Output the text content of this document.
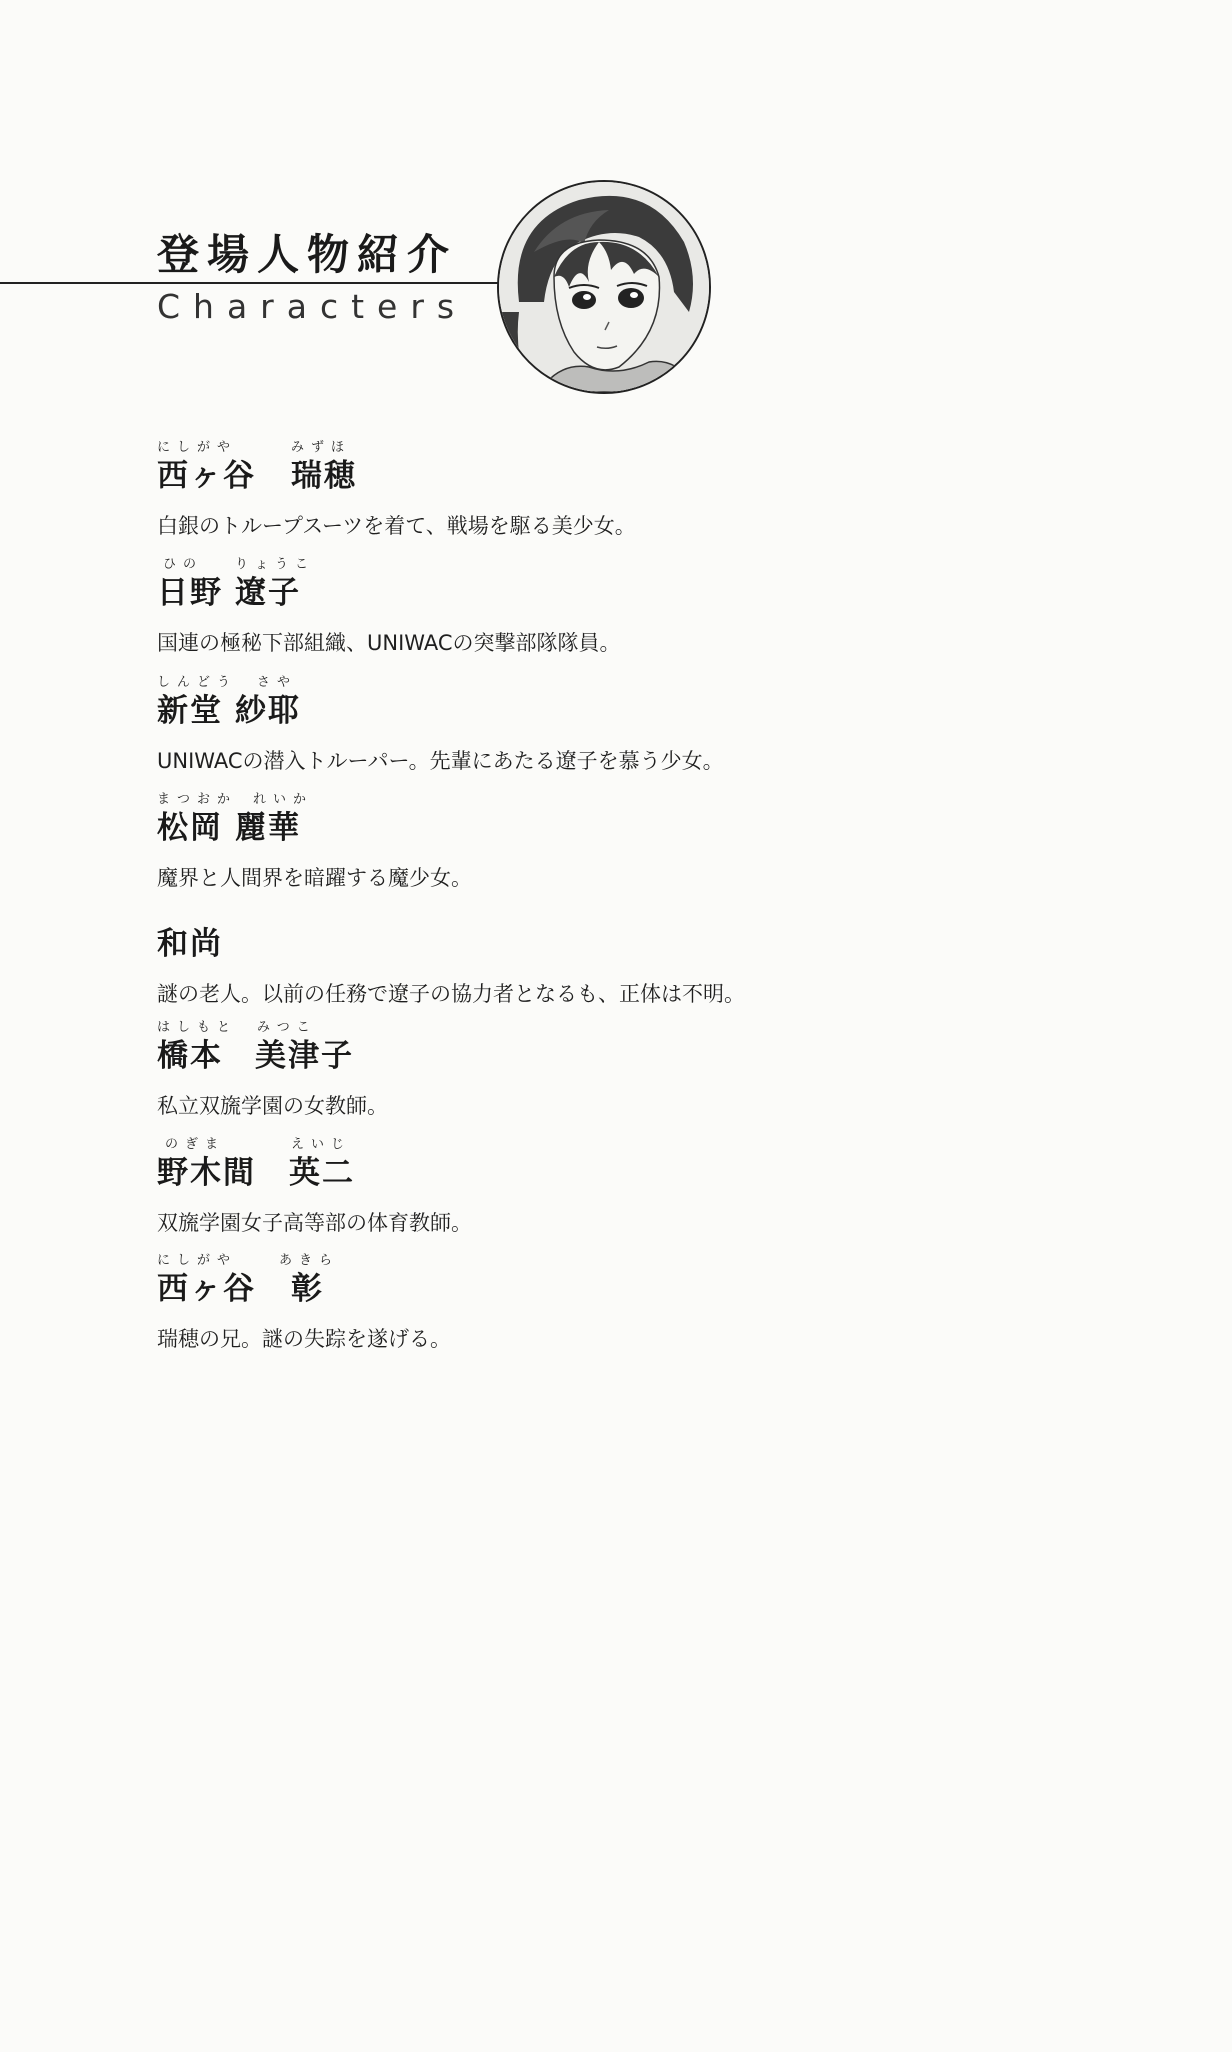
登場人物紹介
Characters
にしがや	みずほ
西ヶ谷 瑞穂
白銀のトループスーツを着て、戦場を駆る美少女。
ひの りょうこ
日野 遼子
国連の極秘下部組織、UNIWACの突撃部隊隊員。
しんどう さや
新堂 紗耶
UNIWACの潜入トルーパー。先輩にあたる遼子を慕う少女。
まつおか れいか
松岡 麗華
魔界と人間界を暗躍する魔少女。
和尚
謎の老人。以前の任務で遼子の協力者となるも、正体は不明。
はしもと みつこ
橋本 美津子
私立双旒学園の女教師。
のぎま	えいじ
野木間 英二
双旒学園女子高等部の体育教師。
にしがや	あきら
西ヶ谷 彰
瑞穂の兄。謎の失踪を遂げる。
